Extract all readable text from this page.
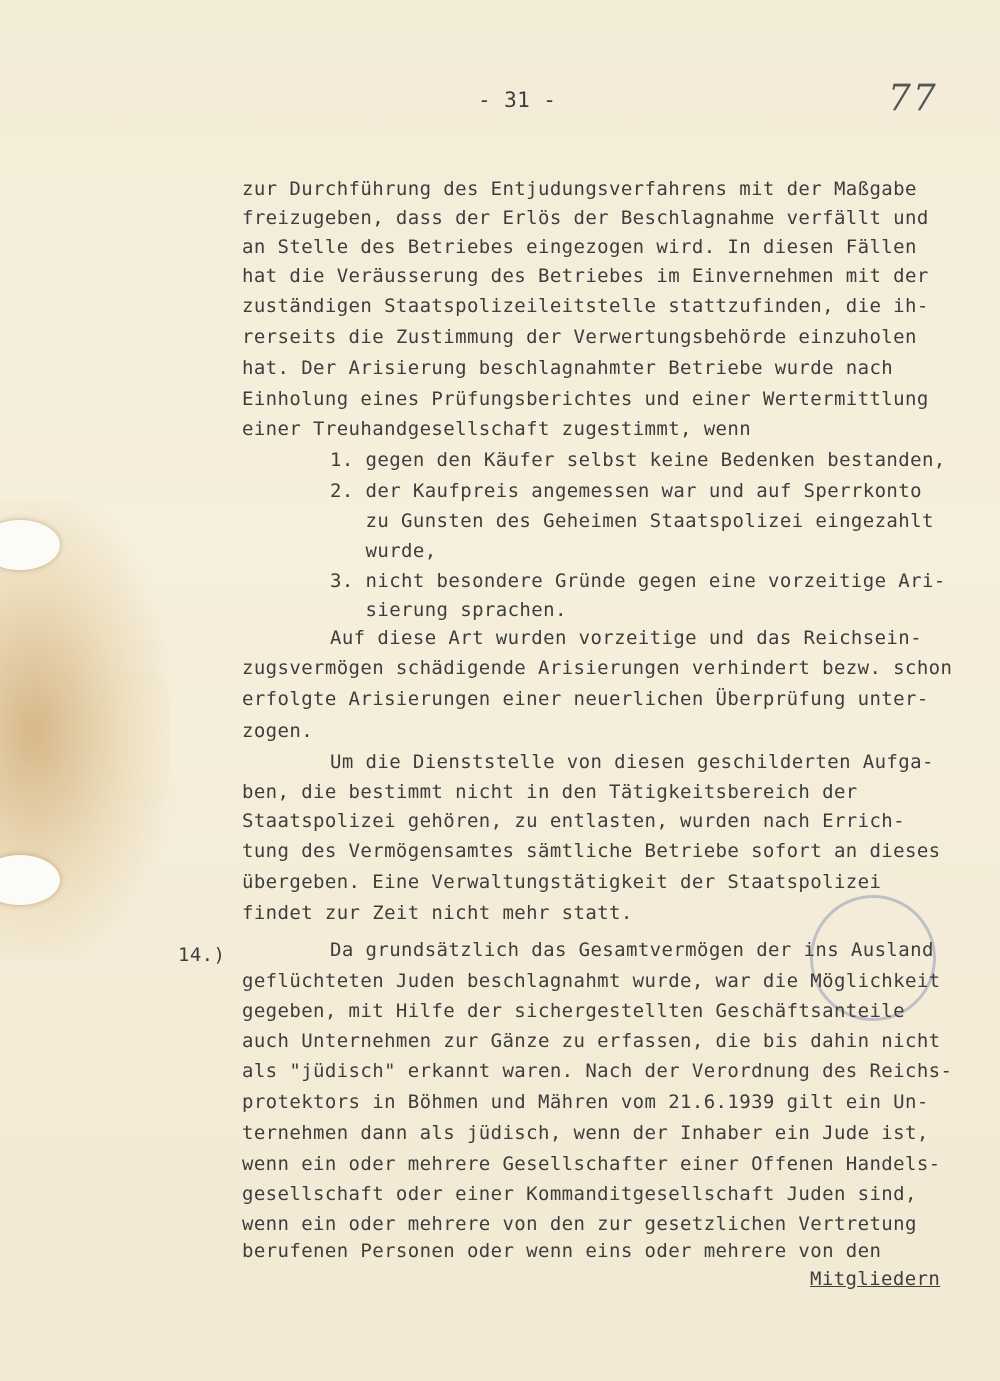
- 31 -	77
zur Durchführung des Entjudungsverfahrens mit der Maßgabe
freizugeben, dass der Erlös der Beschlagnahme verfällt und
an Stelle des Betriebes eingezogen wird. In diesen Fällen
hat die Veräusserung des Betriebes im Einvernehmen mit der
zuständigen Staatspolizeileitstelle stattzufinden, die ih-
rerseits die Zustimmung der Verwertungsbehörde einzuholen
hat. Der Arisierung beschlagnahmter Betriebe wurde nach
Einholung eines Prüfungsberichtes und einer Wertermittlung
einer Treuhandgesellschaft zugestimmt, wenn
1. gegen den Käufer selbst keine Bedenken bestanden,
2. der Kaufpreis angemessen war und auf Sperrkonto
zu Gunsten des Geheimen Staatspolizei eingezahlt
wurde,
3. nicht besondere Gründe gegen eine vorzeitige Ari-
sierung sprachen.
Auf diese Art wurden vorzeitige und das Reichsein-
zugsvermögen schädigende Arisierungen verhindert bezw. schon
erfolgte Arisierungen einer neuerlichen Überprüfung unter-
zogen.
Um die Dienststelle von diesen geschilderten Aufga-
ben, die bestimmt nicht in den Tätigkeitsbereich der
Staatspolizei gehören, zu entlasten, wurden nach Errich-
tung des Vermögensamtes sämtliche Betriebe sofort an dieses
übergeben. Eine Verwaltungstätigkeit der Staatspolizei
findet zur Zeit nicht mehr statt.
14.)	Da grundsätzlich das Gesamtvermögen der ins Ausland
geflüchteten Juden beschlagnahmt wurde, war die Möglichkeit
gegeben, mit Hilfe der sichergestellten Geschäftsanteile
auch Unternehmen zur Gänze zu erfassen, die bis dahin nicht
als "jüdisch" erkannt waren. Nach der Verordnung des Reichs-
protektors in Böhmen und Mähren vom 21.6.1939 gilt ein Un-
ternehmen dann als jüdisch, wenn der Inhaber ein Jude ist,
wenn ein oder mehrere Gesellschafter einer Offenen Handels-
gesellschaft oder einer Kommanditgesellschaft Juden sind,
wenn ein oder mehrere von den zur gesetzlichen Vertretung
berufenen Personen oder wenn eins oder mehrere von den
Mitgliedern
